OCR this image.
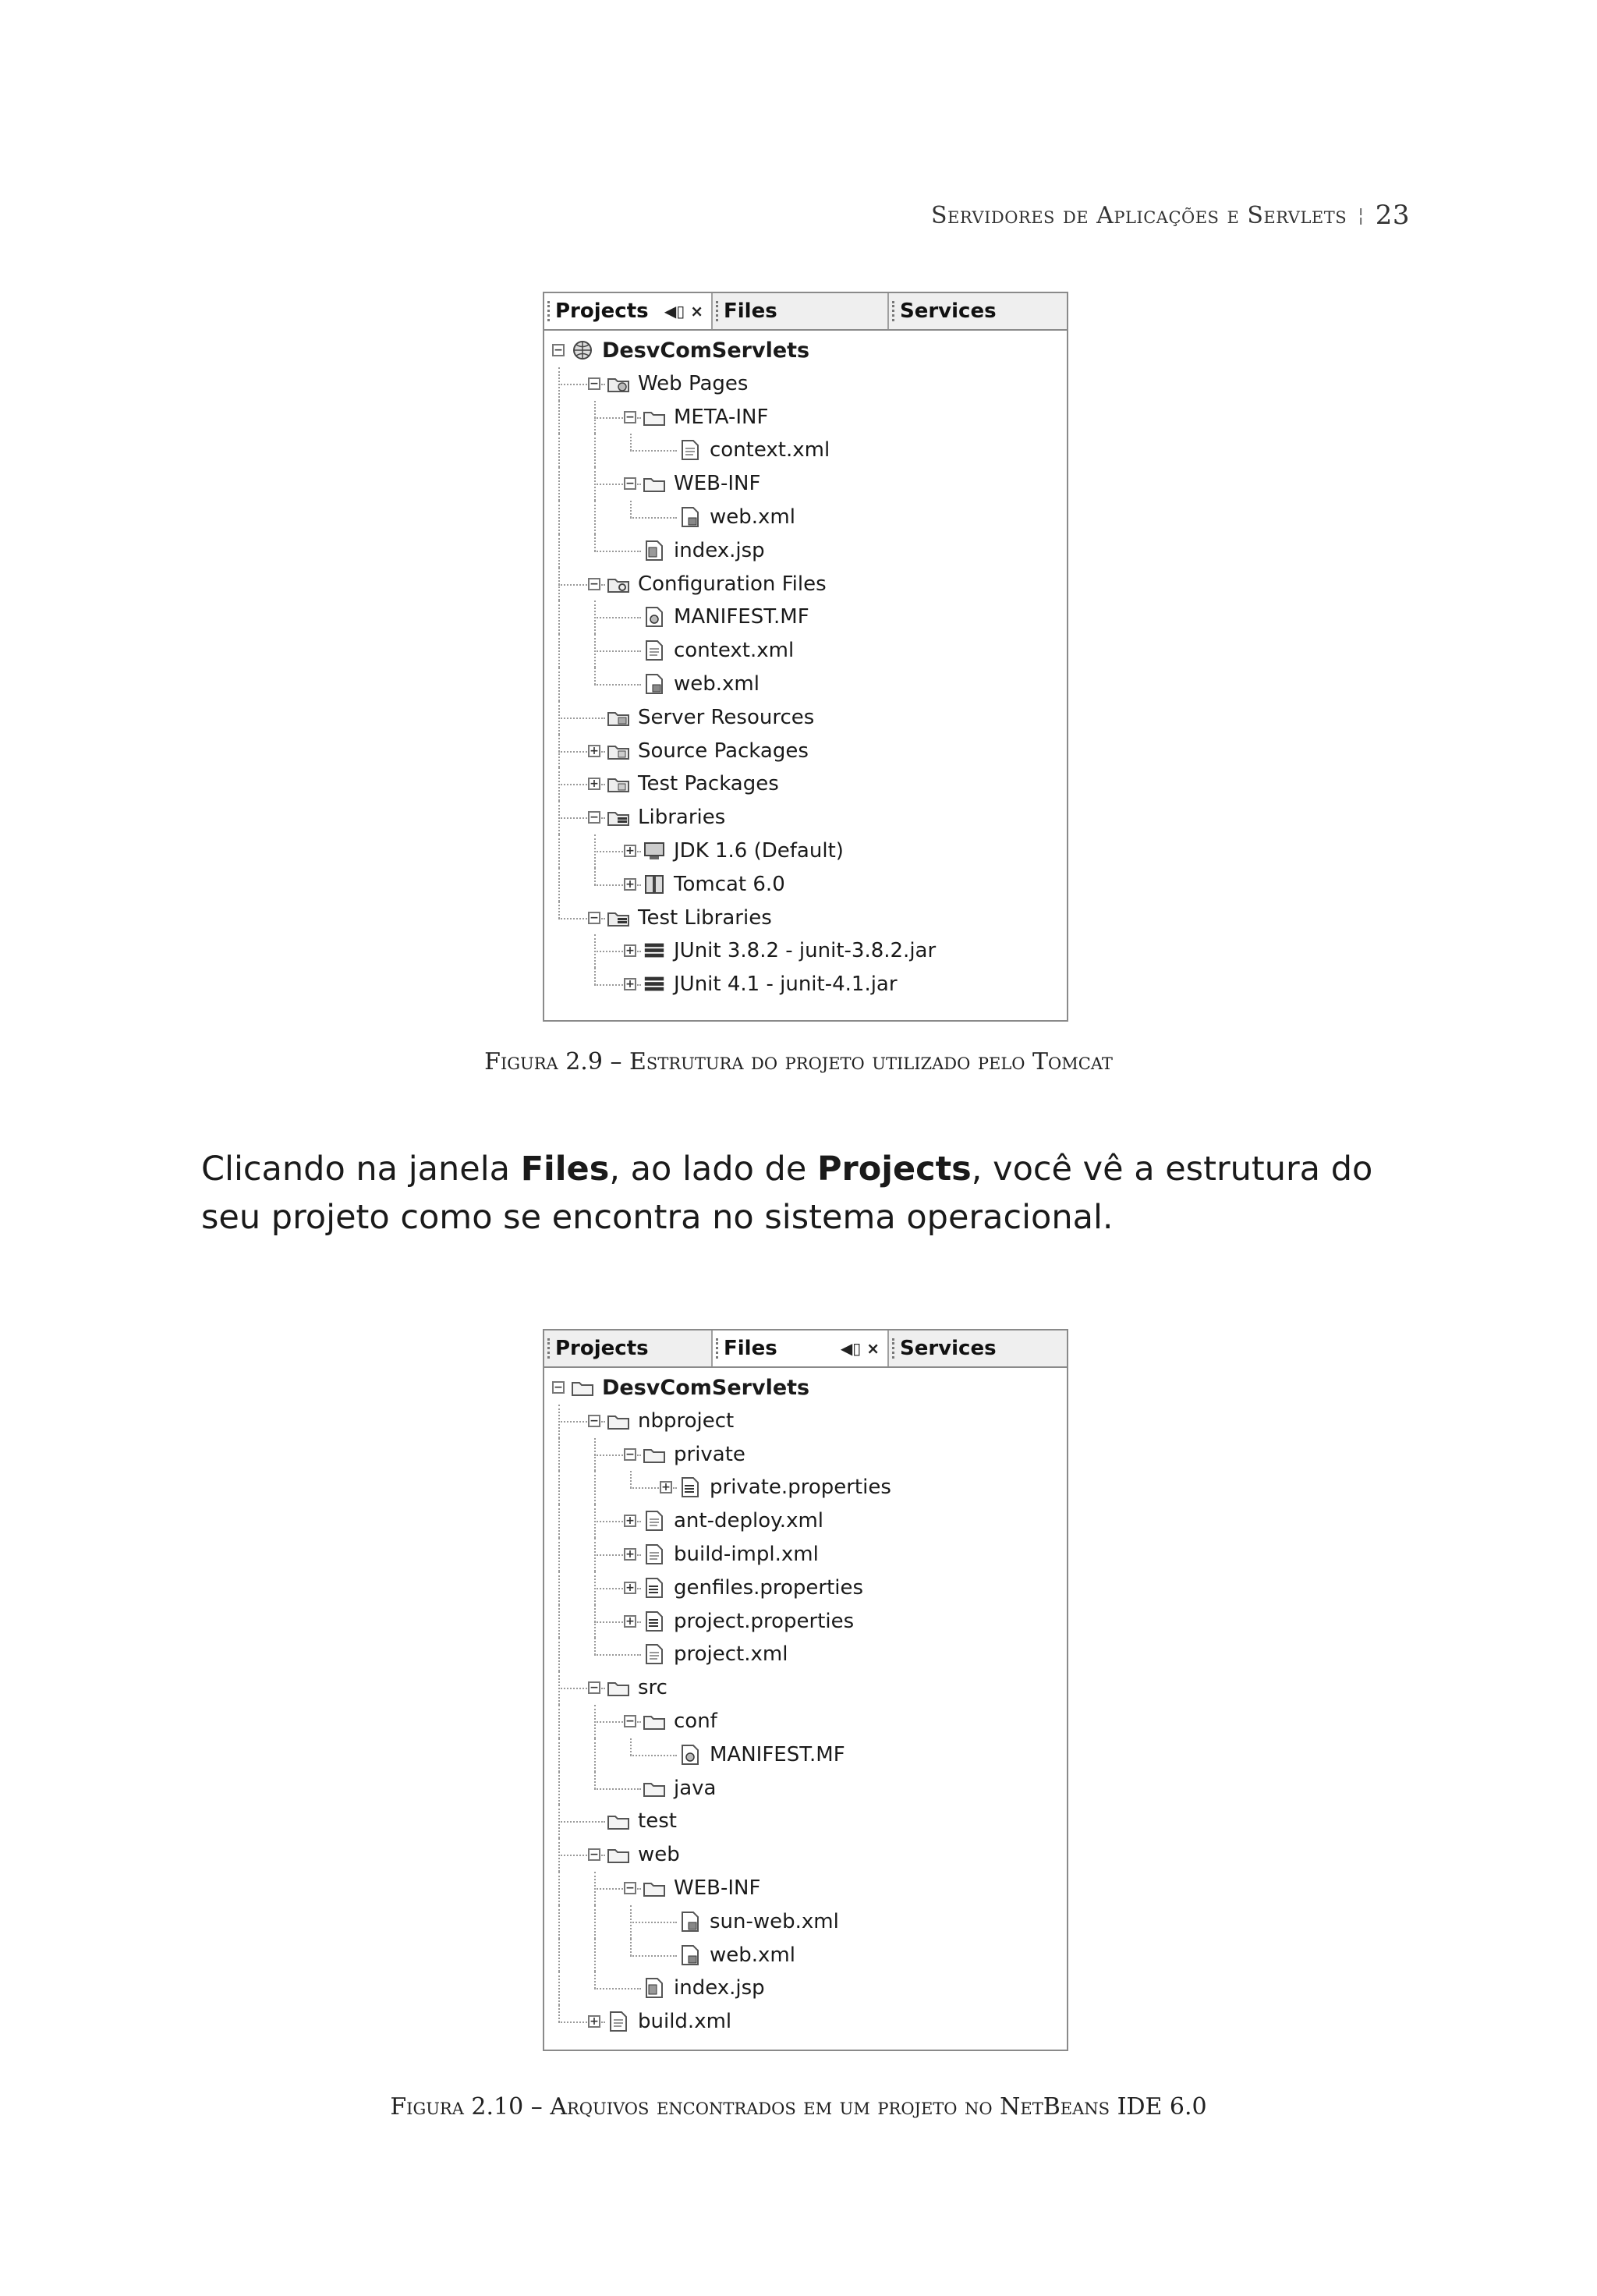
Servidores de Aplicações e Servlets ¦ 23
Projects ◀▯ × Files	Services
− DesvComServlets
− Web Pages
− META-INF
context.xml
− WEB-INF
web.xml
index.jsp
− Configuration Files
MANIFEST.MF
context.xml
web.xml
Server Resources
+ Source Packages
+ Test Packages
− Libraries
+ JDK 1.6 (Default)
+ Tomcat 6.0
− Test Libraries
+ JUnit 3.8.2 - junit-3.8.2.jar
+ JUnit 4.1 - junit-4.1.jar
Figura 2.9 – Estrutura do projeto utilizado pelo Tomcat
Clicando na janela Files, ao lado de Projects, você vê a estrutura do seu projeto como se encontra no sistema operacional.
Projects	Files	◀▯ × Services
− DesvComServlets
− nbproject
− private
+ private.properties
+ ant-deploy.xml
+ build-impl.xml
+ genfiles.properties
+ project.properties
project.xml
− src
− conf
MANIFEST.MF
java
test
− web
− WEB-INF
sun-web.xml
web.xml
index.jsp
+ build.xml
Figura 2.10 – Arquivos encontrados em um projeto no NetBeans IDE 6.0
